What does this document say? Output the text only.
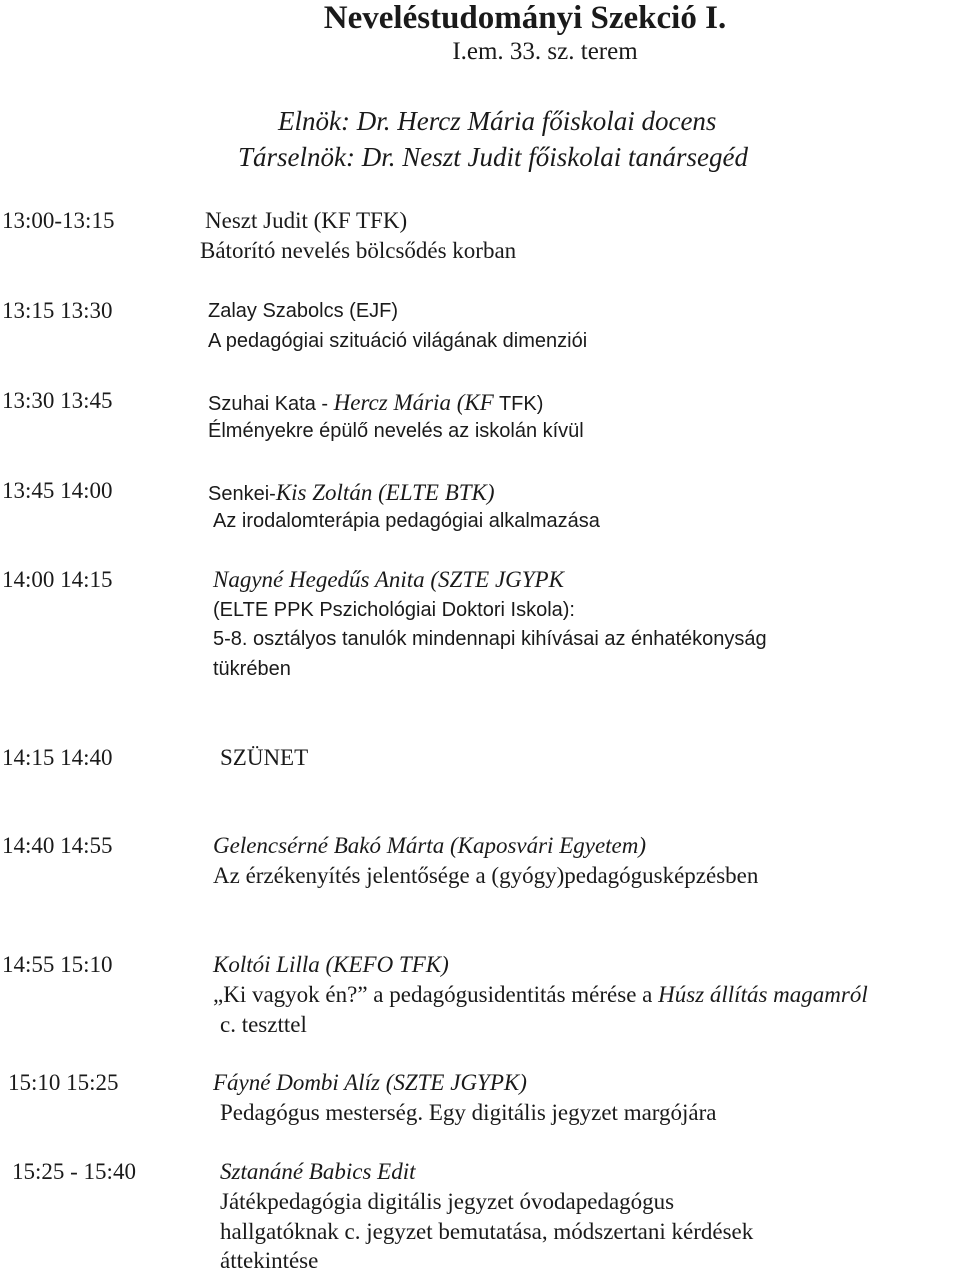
Neveléstudományi Szekció I.
I.em. 33. sz. terem
Elnök: Dr. Hercz Mária főiskolai docens
Társelnök: Dr. Neszt Judit főiskolai tanársegéd
13:00-13:15	Neszt Judit (KF TFK)
Bátorító nevelés bölcsődés korban
13:15 13:30	Zalay Szabolcs (EJF)
A pedagógiai szituáció világának dimenziói
13:30 13:45	Szuhai Kata - Hercz Mária (KF TFK)
Élményekre épülő nevelés az iskolán kívül
13:45 14:00	Senkei-Kis Zoltán (ELTE BTK)
Az irodalomterápia pedagógiai alkalmazása
14:00 14:15	Nagyné Hegedűs Anita (SZTE JGYPK
(ELTE PPK Pszichológiai Doktori Iskola):
5-8. osztályos tanulók mindennapi kihívásai az énhatékonyság
tükrében
14:15 14:40	SZÜNET
14:40 14:55	Gelencsérné Bakó Márta (Kaposvári Egyetem)
Az érzékenyítés jelentősége a (gyógy)pedagógusképzésben
14:55 15:10	Koltói Lilla (KEFO TFK)
„Ki vagyok én?” a pedagógusidentitás mérése a Húsz állítás magamról
c. teszttel
15:10 15:25	Fáyné Dombi Alíz (SZTE JGYPK)
Pedagógus mesterség. Egy digitális jegyzet margójára
15:25 - 15:40	Sztanáné Babics Edit
Játékpedagógia digitális jegyzet óvodapedagógus
hallgatóknak c. jegyzet bemutatása, módszertani kérdések
áttekintése
